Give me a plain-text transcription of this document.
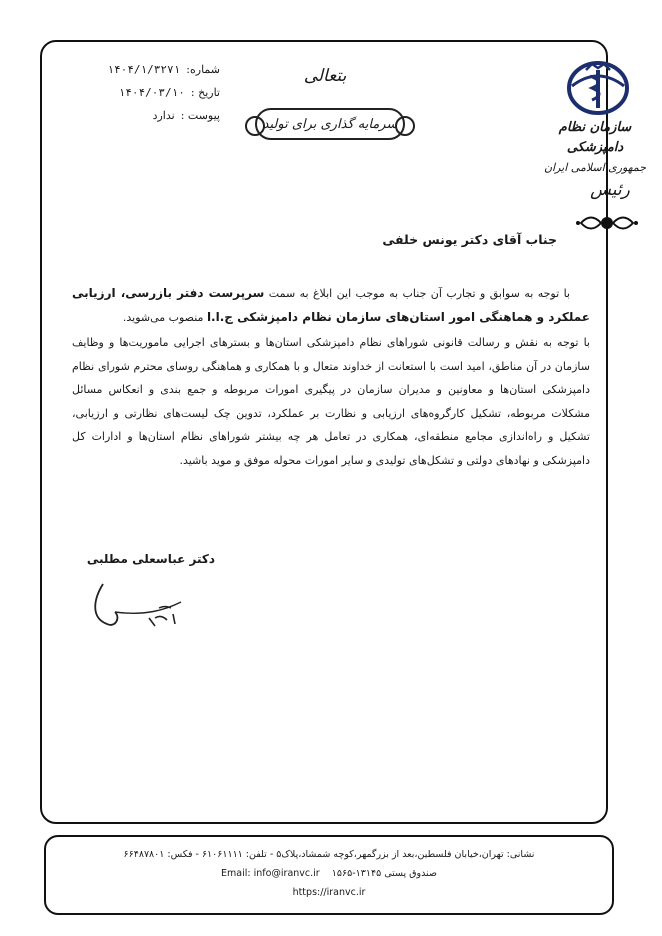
شماره:
۱۴۰۴/۱/۳۲۷۱
تاریخ :
۱۴۰۴/۰۳/۱۰
پیوست :
ندارد
بتعالی
سرمایه گذاری برای تولید	سازمان نظام دامپزشکی
جمهوری اسلامی ایران
رئیس
جناب آقای دکتر یونس خلفی

با توجه به سوابق و تجارب آن جناب به موجب این ابلاغ به سمت سرپرست دفتر بازرسی، ارزیابی عملکرد و هماهنگی امور استان‌های سازمان نظام دامپزشکی ج.ا.ا منصوب می‌شوید.

با توجه به نقش و رسالت قانونی شوراهای نظام دامپزشکی استان‌ها و بسترهای اجرایی ماموریت‌ها و وظایف سازمان در آن مناطق، امید است با استعانت از خداوند متعال و با همکاری و هماهنگی روسای محترم شورای نظام دامپزشکی استان‌ها و معاونین و مدیران سازمان در پیگیری امورات مربوطه و جمع بندی و انعکاس مسائل مشکلات مربوطه، تشکیل کارگروه‌های ارزیابی و نظارت بر عملکرد، تدوین چک لیست‌های نظارتی و ارزیابی، تشکیل و راه‌اندازی مجامع منطقه‌ای، همکاری در تعامل هر چه بیشتر شوراهای نظام استان‌ها و ادارات کل دامپزشکی و نهادهای دولتی و تشکل‌های تولیدی و سایر امورات محوله موفق و موید باشید.

دکتر عباسعلی مطلبی
نشانی: تهران،خیابان فلسطین،بعد از بزرگمهر،کوچه شمشاد،پلاک۵ - تلفن: ۶۱۰۶۱۱۱۱ - فکس: ۶۶۴۸۷۸۰۱
صندوق پستی ۱۳۱۴۵-۱۵۶۵    Email: info@iranvc.ir
https://iranvc.ir
